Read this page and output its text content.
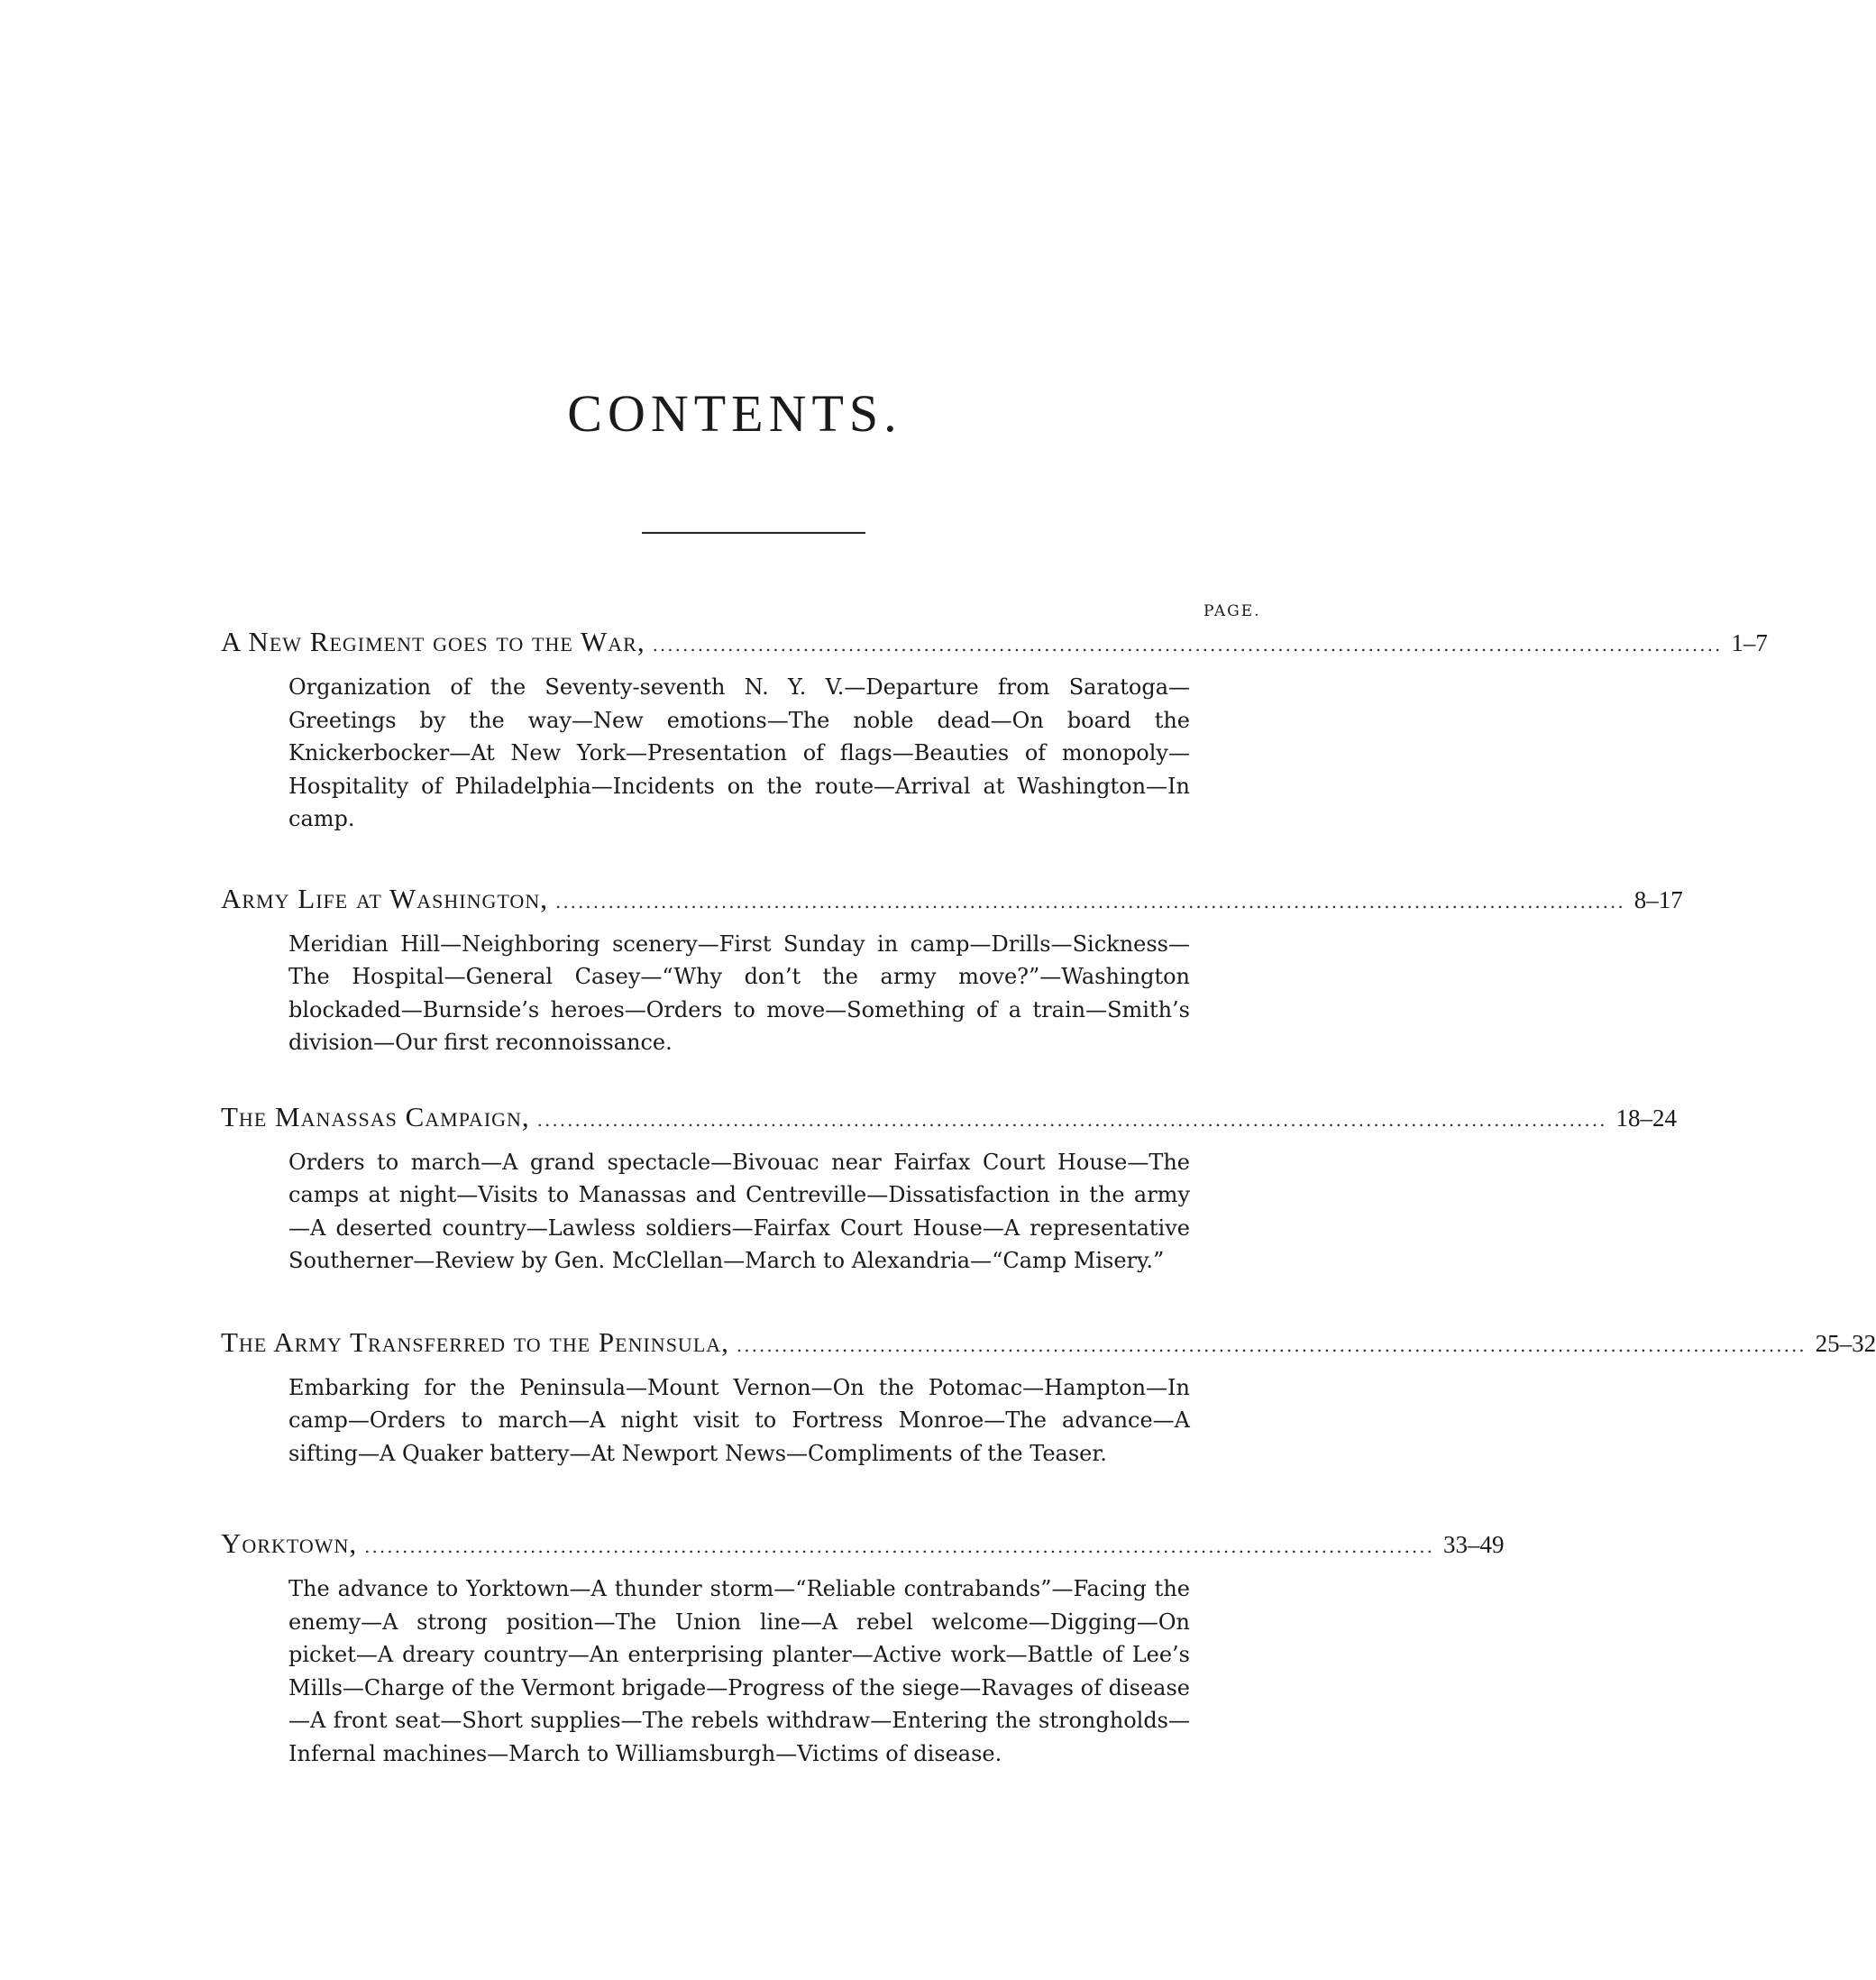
CONTENTS.
PAGE.
A New Regiment goes to the War, .............................................................................................................................................. 1–7
Organization of the Seventy-seventh N. Y. V.—Departure from Saratoga—Greetings by the way—New emotions—The noble dead—On board the Knickerbocker—At New York—Presentation of flags—Beauties of monopoly—Hospitality of Philadelphia—Incidents on the route—Arrival at Washington—In camp.
Army Life at Washington, .............................................................................................................................................. 8–17
Meridian Hill—Neighboring scenery—First Sunday in camp—Drills—Sickness—The Hospital—General Casey—“Why don’t the army move?”—Washington blockaded—Burnside’s heroes—Orders to move—Something of a train—Smith’s division—Our first reconnoissance.
The Manassas Campaign, .............................................................................................................................................. 18–24
Orders to march—A grand spectacle—Bivouac near Fairfax Court House—The camps at night—Visits to Manassas and Centreville—Dissatisfaction in the army—A deserted country—Lawless soldiers—Fairfax Court House—A representative Southerner—Review by Gen. McClellan—March to Alexandria—“Camp Misery.”
The Army Transferred to the Peninsula, .............................................................................................................................................. 25–32
Embarking for the Peninsula—Mount Vernon—On the Potomac—Hampton—In camp—Orders to march—A night visit to Fortress Monroe—The advance—A sifting—A Quaker battery—At Newport News—Compliments of the Teaser.
Yorktown, .............................................................................................................................................. 33–49
The advance to Yorktown—A thunder storm—“Reliable contrabands”—Facing the enemy—A strong position—The Union line—A rebel welcome—Digging—On picket—A dreary country—An enterprising planter—Active work—Battle of Lee’s Mills—Charge of the Vermont brigade—Progress of the siege—Ravages of disease—A front seat—Short supplies—The rebels withdraw—Entering the strongholds—Infernal machines—March to Williamsburgh—Victims of disease.
